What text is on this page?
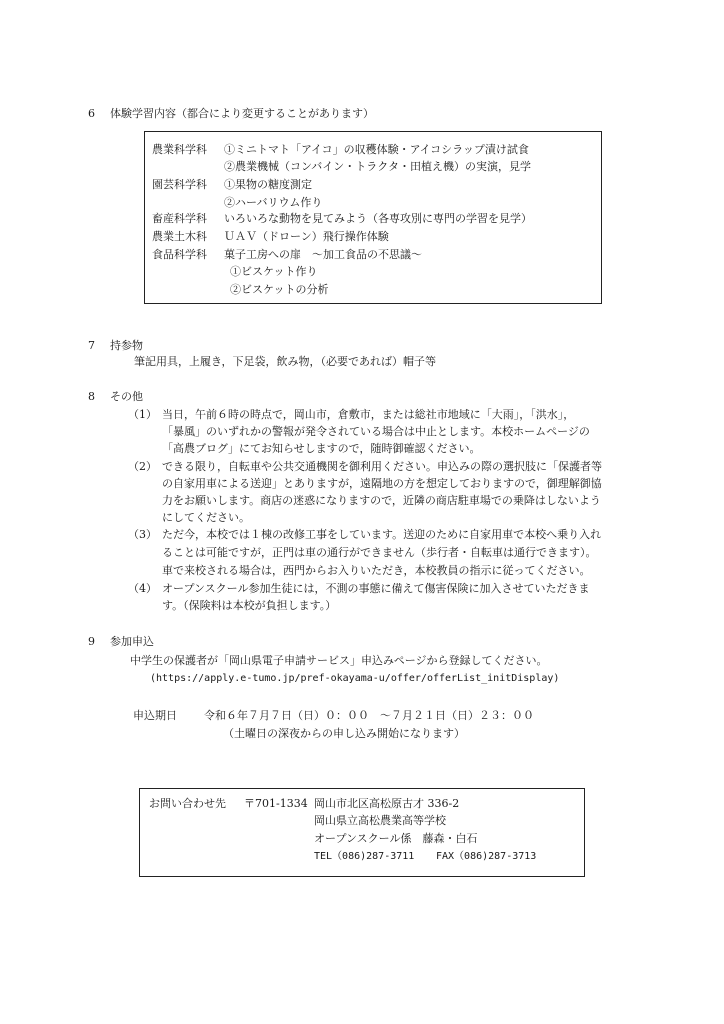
6 体験学習内容（都合により変更することがあります）
農業科学科 ①ミニトマト「アイコ」の収穫体験・アイコシラップ漬け試食
②農業機械（コンバイン・トラクタ・田植え機）の実演，見学
園芸科学科 ①果物の糖度測定
②ハーバリウム作り
畜産科学科 いろいろな動物を見てみよう（各専攻別に専門の学習を見学）
農業土木科 ＵＡＶ（ドローン）飛行操作体験
食品科学科 菓子工房への扉　～加工食品の不思議～
①ビスケット作り
②ビスケットの分析
7 持参物
筆記用具，上履き，下足袋，飲み物，（必要であれば）帽子等
8 その他
（1） 当日，午前６時の時点で，岡山市，倉敷市，または総社市地域に「大雨」，「洪水」，
「暴風」のいずれかの警報が発令されている場合は中止とします。本校ホームページの
「高農ブログ」にてお知らせしますので，随時御確認ください。
（2） できる限り，自転車や公共交通機関を御利用ください。申込みの際の選択肢に「保護者等
の自家用車による送迎」とありますが，遠隔地の方を想定しておりますので，御理解御協
力をお願いします。商店の迷惑になりますので，近隣の商店駐車場での乗降はしないよう
にしてください。
（3） ただ今，本校では１棟の改修工事をしています。送迎のために自家用車で本校へ乗り入れ
ることは可能ですが，正門は車の通行ができません（歩行者・自転車は通行できます）。
車で来校される場合は，西門からお入りいただき，本校教員の指示に従ってください。
（4） オープンスクール参加生徒には，不測の事態に備えて傷害保険に加入させていただきま
す。（保険料は本校が負担します。）
9 参加申込
中学生の保護者が「岡山県電子申請サービス」申込みページから登録してください。
(https://apply.e-tumo.jp/pref-okayama-u/offer/offerList_initDisplay)
申込期日 令和６年７月７日（日）０：００　～７月２１日（日）２３：００
（土曜日の深夜からの申し込み開始になります）
お問い合わせ先 〒701-1334 岡山市北区高松原古才 336-2
岡山県立高松農業高等学校
オープンスクール係　藤森・白石
TEL（086)287-3711 FAX（086)287-3713
